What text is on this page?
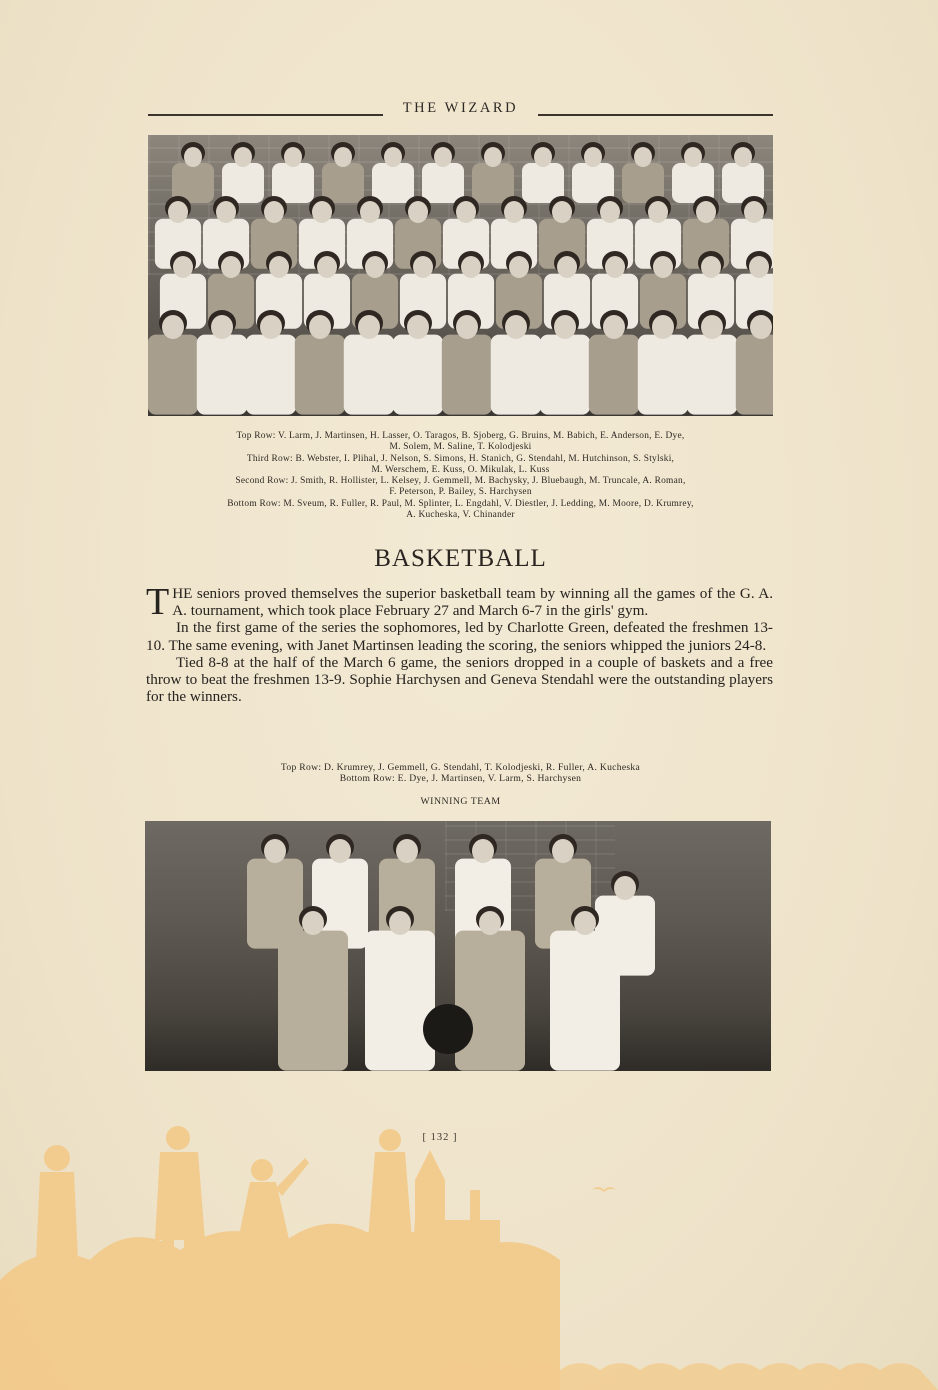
THE WIZARD
Top Row: V. Larm, J. Martinsen, H. Lasser, O. Taragos, B. Sjoberg, G. Bruins, M. Babich, E. Anderson, E. Dye,
M. Solem, M. Saline, T. Kolodjeski
Third Row: B. Webster, I. Plihal, J. Nelson, S. Simons, H. Stanich, G. Stendahl, M. Hutchinson, S. Stylski,
M. Werschem, E. Kuss, O. Mikulak, L. Kuss
Second Row: J. Smith, R. Hollister, L. Kelsey, J. Gemmell, M. Bachysky, J. Bluebaugh, M. Truncale, A. Roman,
F. Peterson, P. Bailey, S. Harchysen
Bottom Row: M. Sveum, R. Fuller, R. Paul, M. Splinter, L. Engdahl, V. Diestler, J. Ledding, M. Moore, D. Krumrey,
A. Kucheska, V. Chinander
BASKETBALL

THE seniors proved themselves the superior basketball team by winning all the games of the G. A. A. tournament, which took place February 27 and March 6-7 in the girls' gym.

In the first game of the series the sophomores, led by Charlotte Green, defeated the freshmen 13-10. The same evening, with Janet Martinsen leading the scoring, the seniors whipped the juniors 24-8.

Tied 8-8 at the half of the March 6 game, the seniors dropped in a couple of baskets and a free throw to beat the freshmen 13-9. Sophie Harchysen and Geneva Stendahl were the outstanding players for the winners.

Top Row: D. Krumrey, J. Gemmell, G. Stendahl, T. Kolodjeski, R. Fuller, A. Kucheska
Bottom Row: E. Dye, J. Martinsen, V. Larm, S. Harchysen
WINNING TEAM
[ 132 ]
